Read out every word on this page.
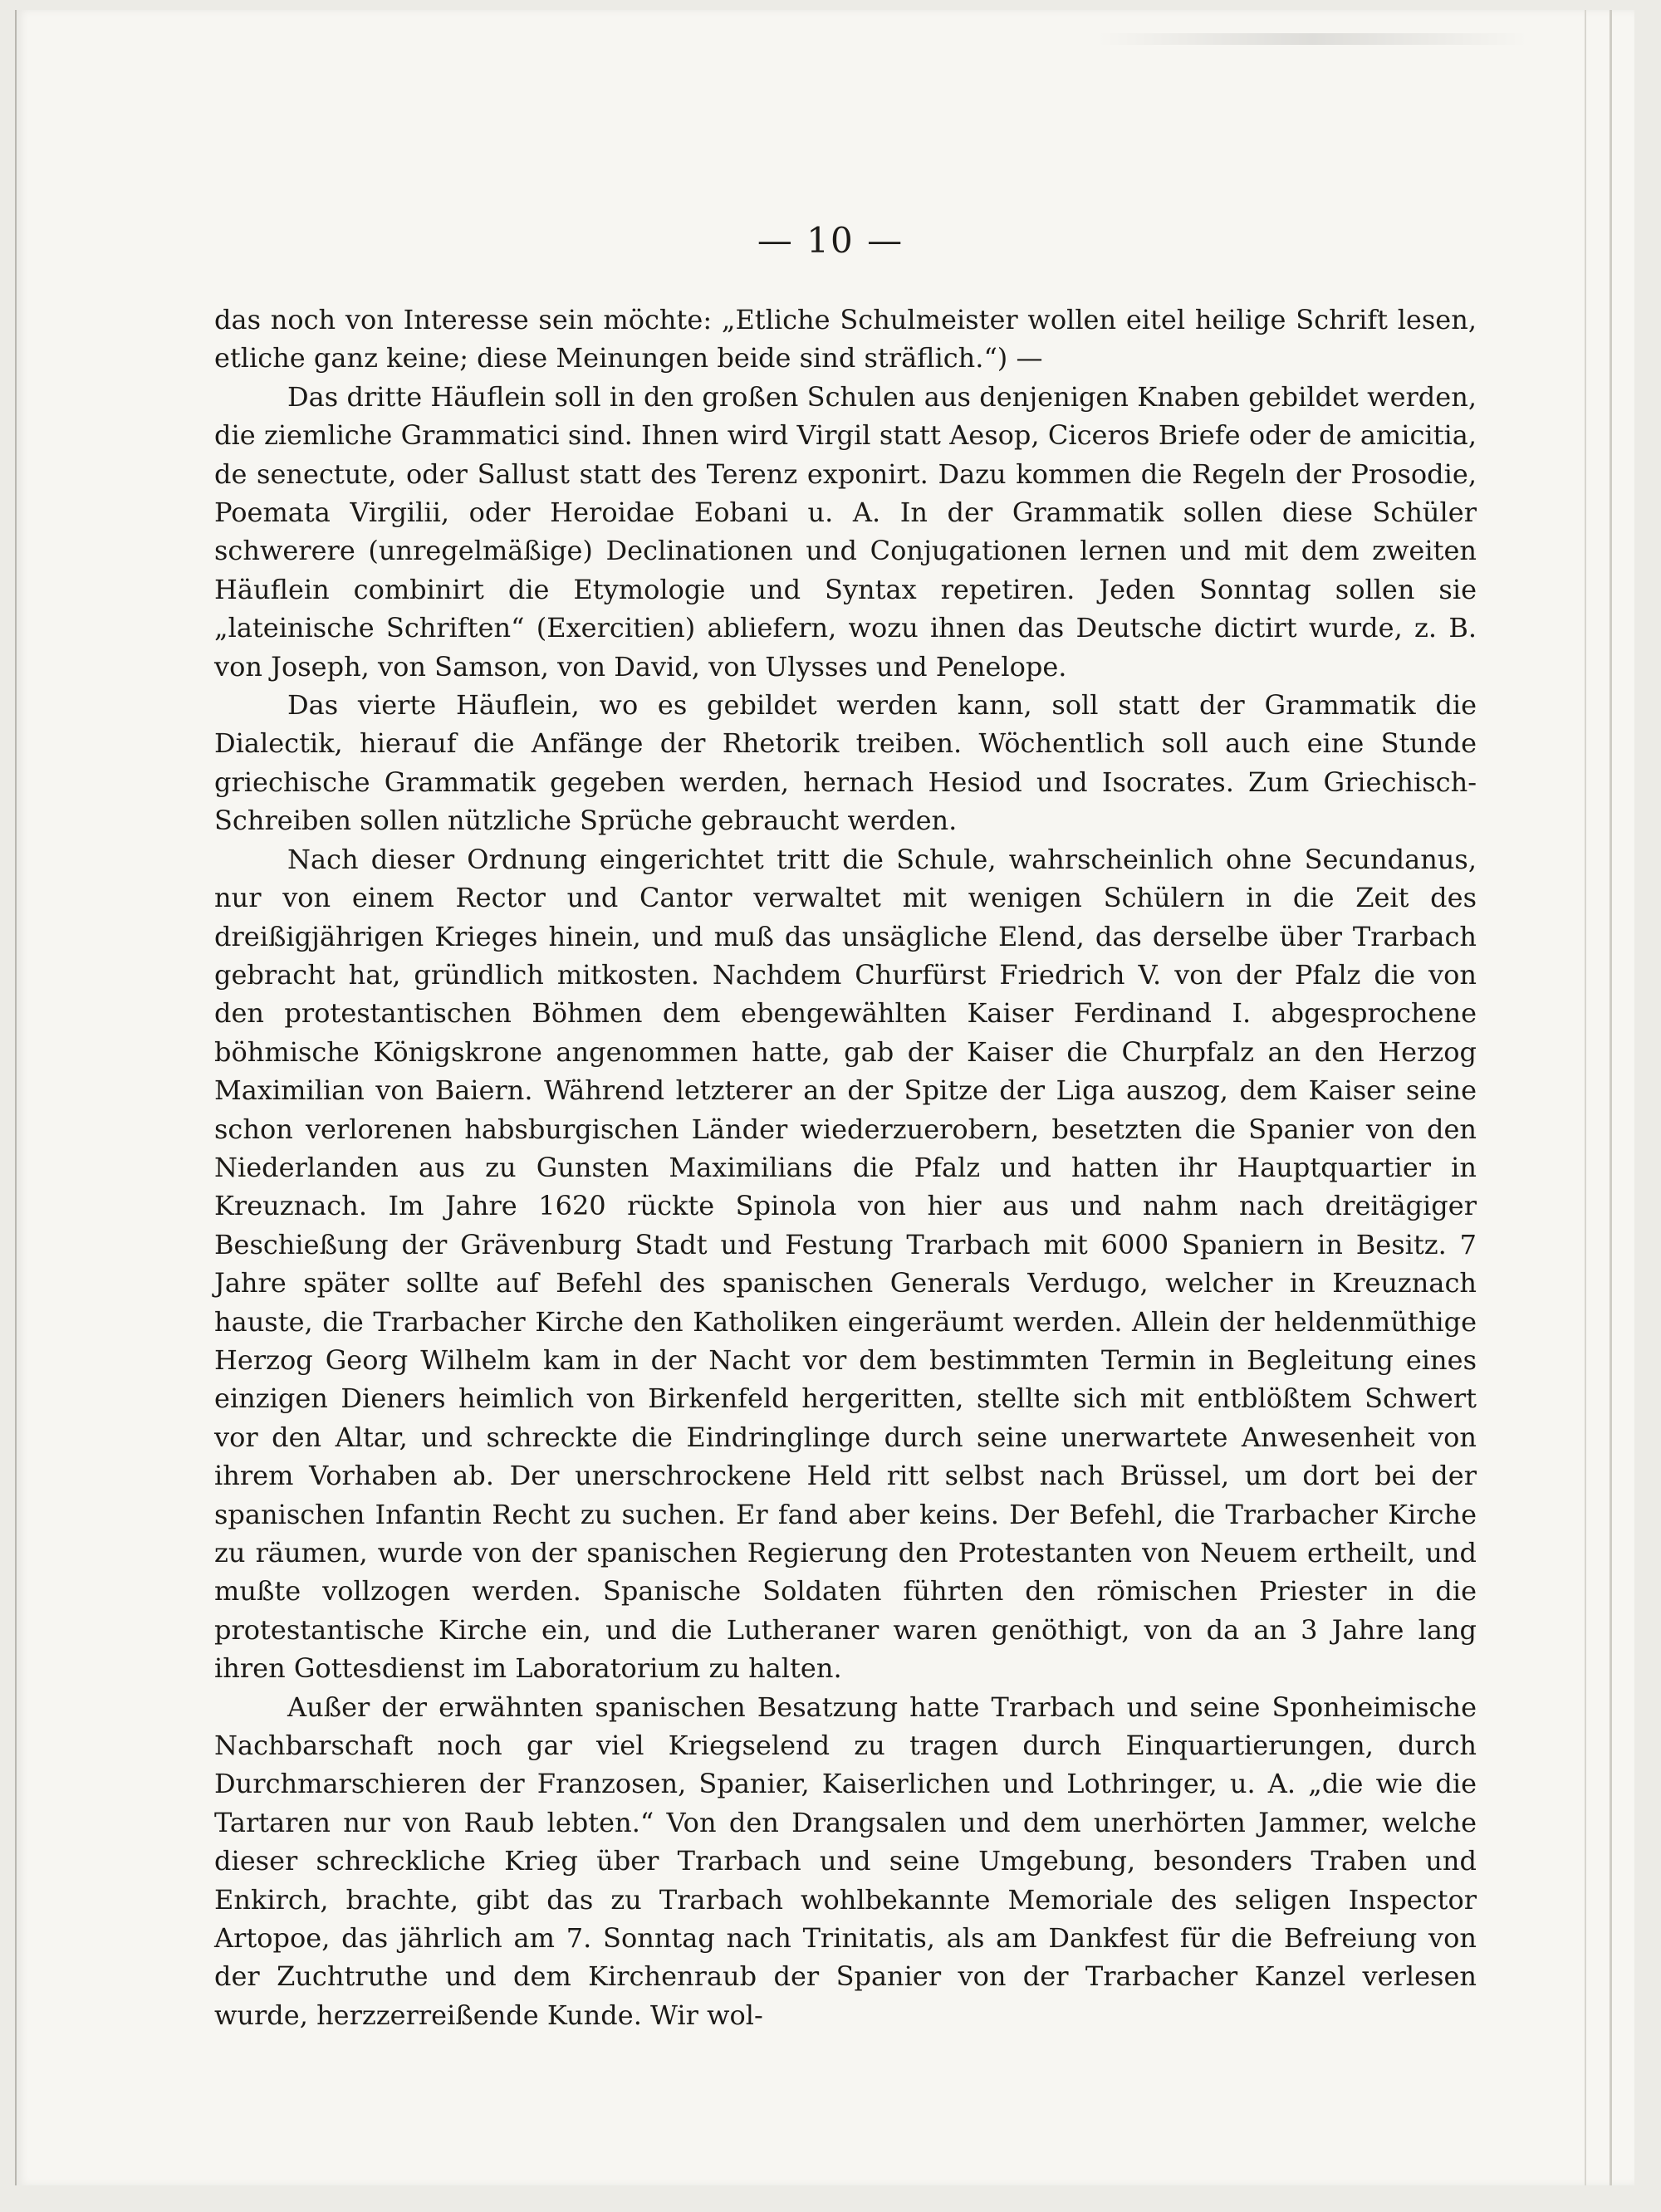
— 10 —

das noch von Interesse sein möchte: „Etliche Schulmeister wollen eitel heilige Schrift lesen, etliche ganz keine; diese Meinungen beide sind sträflich.“) —

Das dritte Häuflein soll in den großen Schulen aus denjenigen Knaben gebildet werden, die ziemliche Grammatici sind. Ihnen wird Virgil statt Aesop, Ciceros Briefe oder de amicitia, de senectute, oder Sallust statt des Terenz exponirt. Dazu kommen die Regeln der Prosodie, Poemata Virgilii, oder Heroidae Eobani u. A. In der Grammatik sollen diese Schüler schwerere (unregelmäßige) Declinationen und Conjugationen lernen und mit dem zweiten Häuflein combinirt die Etymologie und Syntax repetiren. Jeden Sonntag sollen sie „lateinische Schriften“ (Exercitien) abliefern, wozu ihnen das Deutsche dictirt wurde, z. B. von Joseph, von Samson, von David, von Ulysses und Penelope.

Das vierte Häuflein, wo es gebildet werden kann, soll statt der Grammatik die Dialectik, hierauf die Anfänge der Rhetorik treiben. Wöchentlich soll auch eine Stunde griechische Grammatik gegeben werden, hernach Hesiod und Isocrates. Zum Griechisch-Schreiben sollen nützliche Sprüche gebraucht werden.

Nach dieser Ordnung eingerichtet tritt die Schule, wahrscheinlich ohne Secundanus, nur von einem Rector und Cantor verwaltet mit wenigen Schülern in die Zeit des dreißigjährigen Krieges hinein, und muß das unsägliche Elend, das derselbe über Trarbach gebracht hat, gründlich mitkosten. Nachdem Churfürst Friedrich V. von der Pfalz die von den protestantischen Böhmen dem ebengewählten Kaiser Ferdinand I. abgesprochene böhmische Königskrone angenommen hatte, gab der Kaiser die Churpfalz an den Herzog Maximilian von Baiern. Während letzterer an der Spitze der Liga auszog, dem Kaiser seine schon verlorenen habsburgischen Länder wiederzuerobern, besetzten die Spanier von den Niederlanden aus zu Gunsten Maximilians die Pfalz und hatten ihr Hauptquartier in Kreuznach. Im Jahre 1620 rückte Spinola von hier aus und nahm nach dreitägiger Beschießung der Grävenburg Stadt und Festung Trarbach mit 6000 Spaniern in Besitz. 7 Jahre später sollte auf Befehl des spanischen Generals Verdugo, welcher in Kreuznach hauste, die Trarbacher Kirche den Katholiken eingeräumt werden. Allein der heldenmüthige Herzog Georg Wilhelm kam in der Nacht vor dem bestimmten Termin in Begleitung eines einzigen Dieners heimlich von Birkenfeld hergeritten, stellte sich mit entblößtem Schwert vor den Altar, und schreckte die Eindringlinge durch seine unerwartete Anwesenheit von ihrem Vorhaben ab. Der unerschrockene Held ritt selbst nach Brüssel, um dort bei der spanischen Infantin Recht zu suchen. Er fand aber keins. Der Befehl, die Trarbacher Kirche zu räumen, wurde von der spanischen Regierung den Protestanten von Neuem ertheilt, und mußte vollzogen werden. Spanische Soldaten führten den römischen Priester in die protestantische Kirche ein, und die Lutheraner waren genöthigt, von da an 3 Jahre lang ihren Gottesdienst im Laboratorium zu halten.

Außer der erwähnten spanischen Besatzung hatte Trarbach und seine Sponheimische Nachbarschaft noch gar viel Kriegselend zu tragen durch Einquartierungen, durch Durchmarschieren der Franzosen, Spanier, Kaiserlichen und Lothringer, u. A. „die wie die Tartaren nur von Raub lebten.“ Von den Drangsalen und dem unerhörten Jammer, welche dieser schreckliche Krieg über Trarbach und seine Umgebung, besonders Traben und Enkirch, brachte, gibt das zu Trarbach wohlbekannte Memoriale des seligen Inspector Artopoe, das jährlich am 7. Sonntag nach Trinitatis, als am Dankfest für die Befreiung von der Zuchtruthe und dem Kirchenraub der Spanier von der Trarbacher Kanzel verlesen wurde, herzzerreißende Kunde. Wir wol-
